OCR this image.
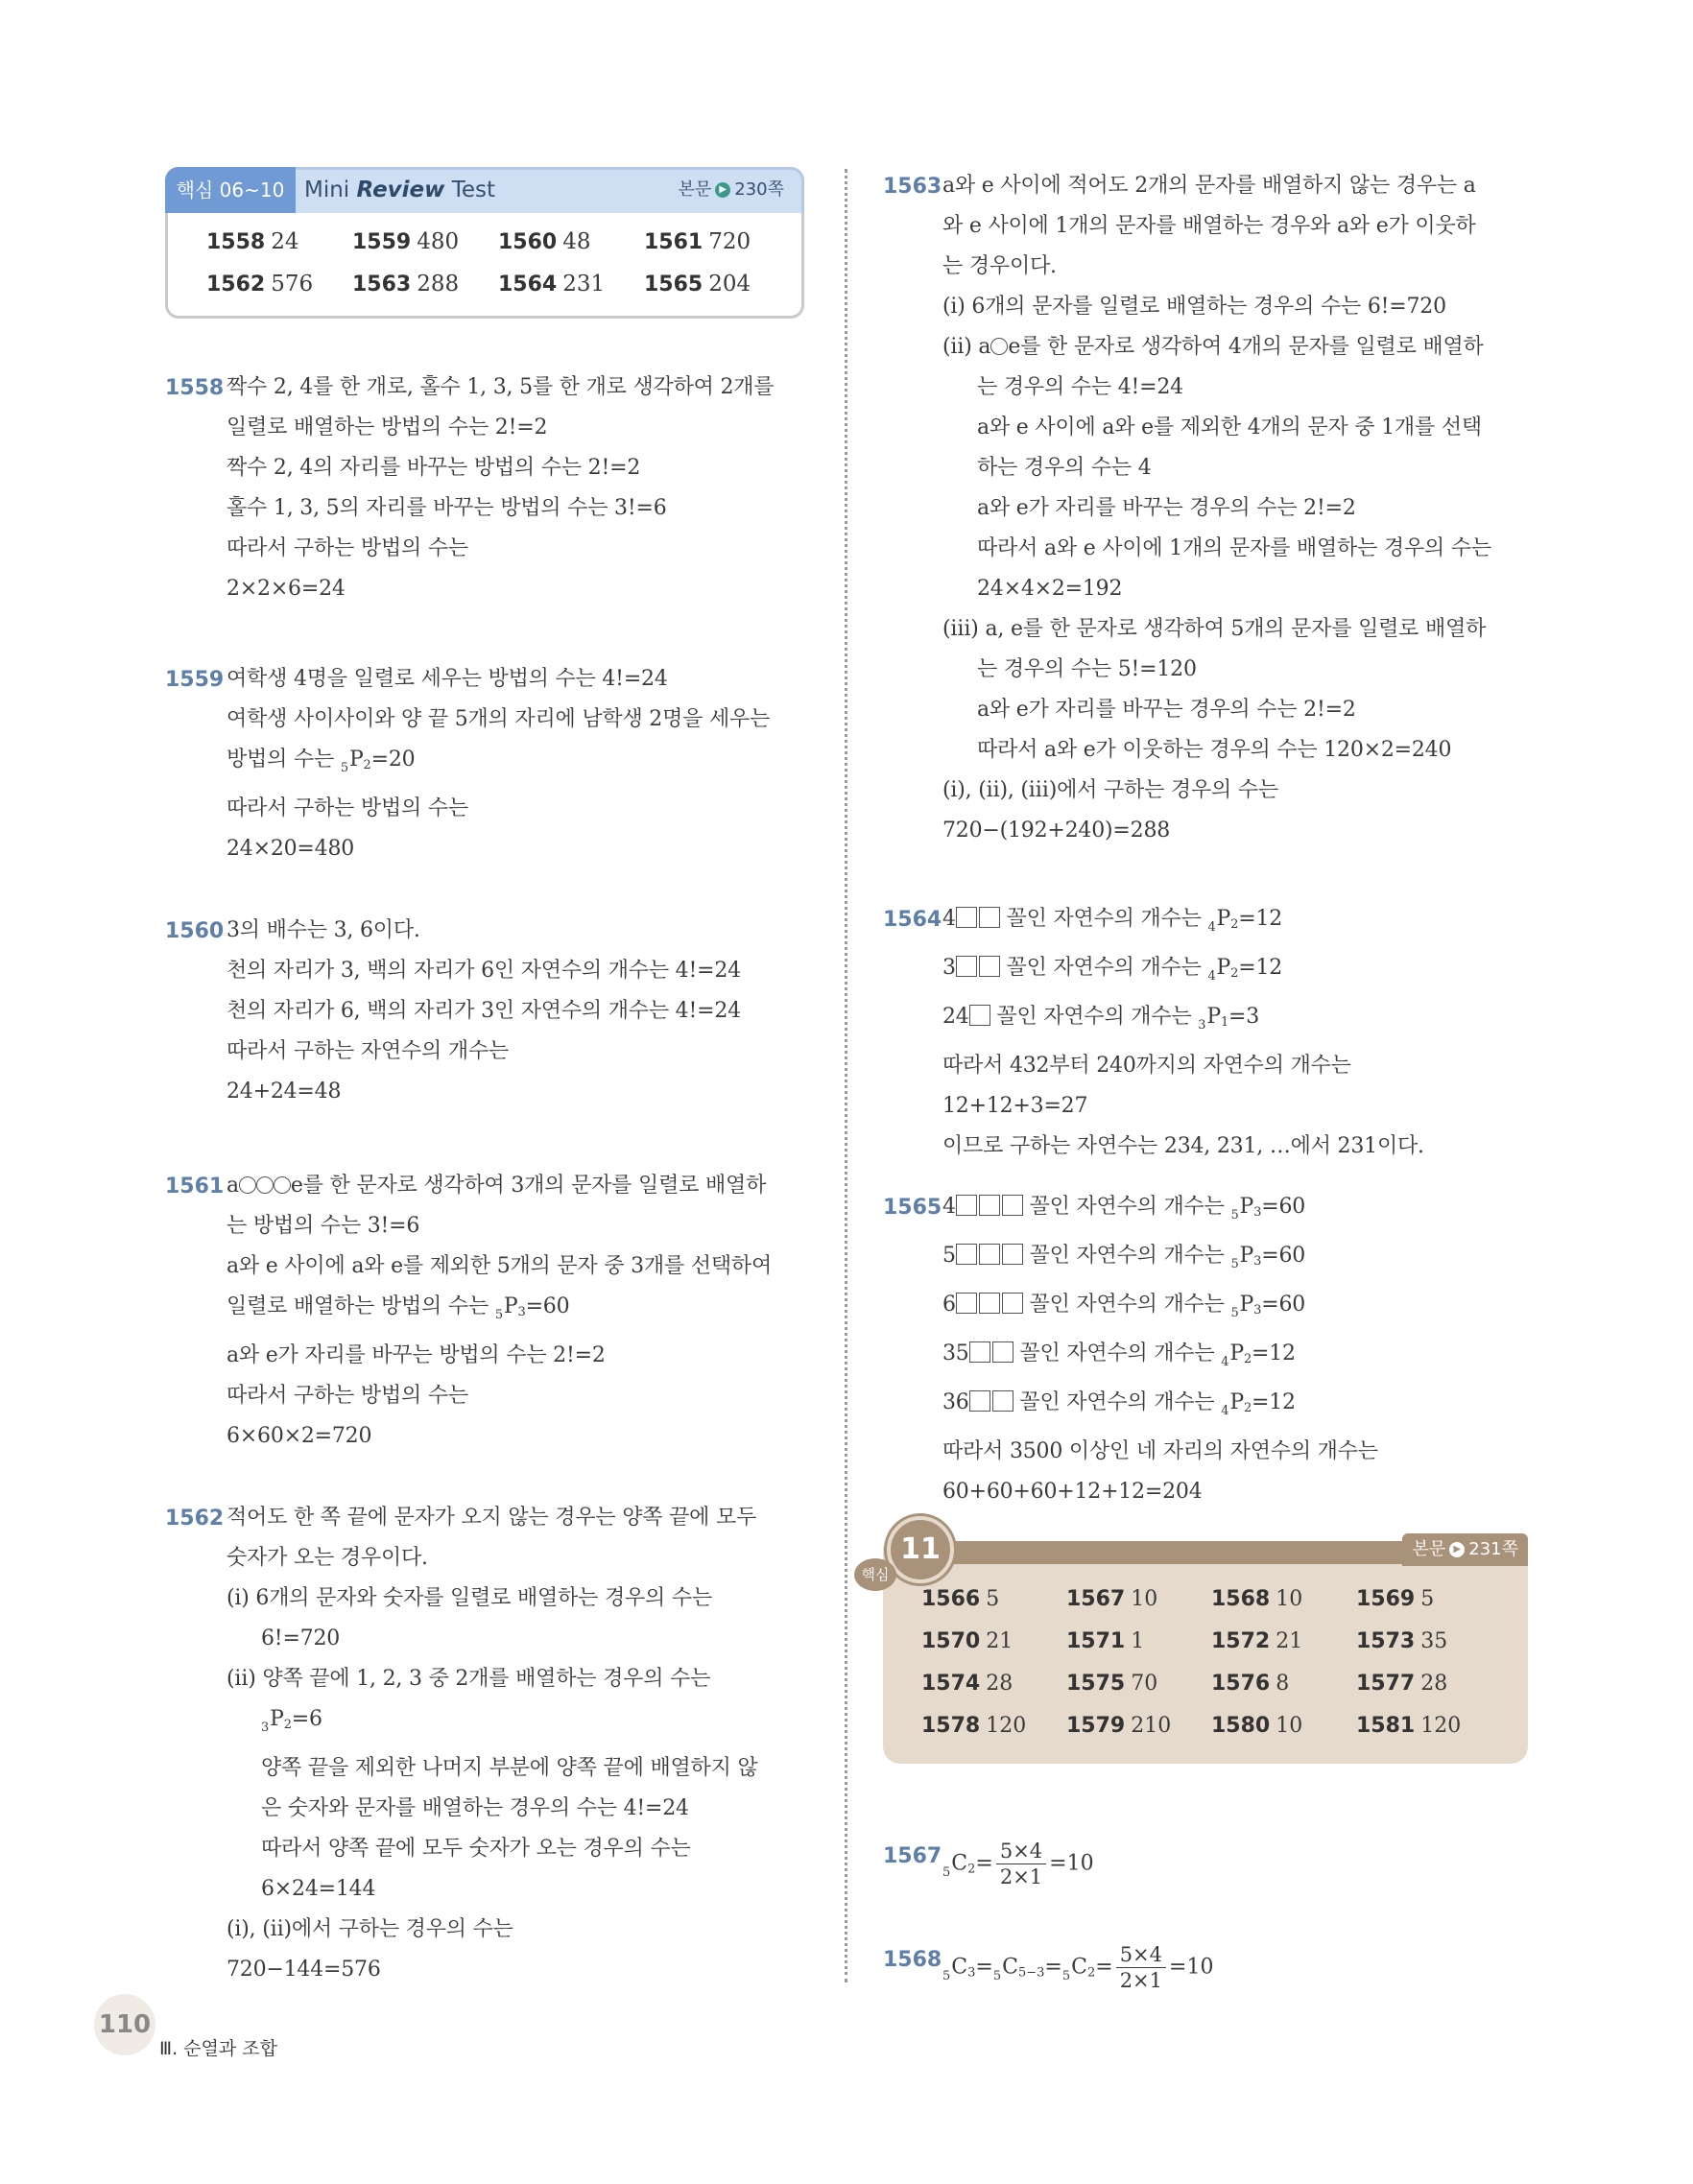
핵심 06~10 Mini Review Test	본문 ▶ 230쪽
1558 24	1559 480	1560 48	1561 720
1562 576	1563 288	1564 231	1565 204
1558 짝수 2, 4를 한 개로, 홀수 1, 3, 5를 한 개로 생각하여 2개를
일렬로 배열하는 방법의 수는 2!=2
짝수 2, 4의 자리를 바꾸는 방법의 수는 2!=2
홀수 1, 3, 5의 자리를 바꾸는 방법의 수는 3!=6
따라서 구하는 방법의 수는
2×2×6=24
1559 여학생 4명을 일렬로 세우는 방법의 수는 4!=24
여학생 사이사이와 양 끝 5개의 자리에 남학생 2명을 세우는
방법의 수는 $_5P_2=20$
따라서 구하는 방법의 수는
24×20=480
1560 3의 배수는 3, 6이다.
천의 자리가 3, 백의 자리가 6인 자연수의 개수는 4!=24
천의 자리가 6, 백의 자리가 3인 자연수의 개수는 4!=24
따라서 구하는 자연수의 개수는
24+24=48
1561 a e를 한 문자로 생각하여 3개의 문자를 일렬로 배열하
는 방법의 수는 3!=6
a와 e 사이에 a와 e를 제외한 5개의 문자 중 3개를 선택하여
일렬로 배열하는 방법의 수는 $_5P_3=60$
a와 e가 자리를 바꾸는 방법의 수는 2!=2
따라서 구하는 방법의 수는
6×60×2=720
1562 적어도 한 쪽 끝에 문자가 오지 않는 경우는 양쪽 끝에 모두
숫자가 오는 경우이다.
(ⅰ) 6개의 문자와 숫자를 일렬로 배열하는 경우의 수는
6!=720
(ⅱ) 양쪽 끝에 1, 2, 3 중 2개를 배열하는 경우의 수는
$_3P_2=6$
양쪽 끝을 제외한 나머지 부분에 양쪽 끝에 배열하지 않
은 숫자와 문자를 배열하는 경우의 수는 4!=24
따라서 양쪽 끝에 모두 숫자가 오는 경우의 수는
6×24=144
(ⅰ), (ⅱ)에서 구하는 경우의 수는
720−144=576
1563 a와 e 사이에 적어도 2개의 문자를 배열하지 않는 경우는 a
와 e 사이에 1개의 문자를 배열하는 경우와 a와 e가 이웃하
는 경우이다.
(ⅰ) 6개의 문자를 일렬로 배열하는 경우의 수는 6!=720
(ⅱ) a e를 한 문자로 생각하여 4개의 문자를 일렬로 배열하
는 경우의 수는 4!=24
a와 e 사이에 a와 e를 제외한 4개의 문자 중 1개를 선택
하는 경우의 수는 4
a와 e가 자리를 바꾸는 경우의 수는 2!=2
따라서 a와 e 사이에 1개의 문자를 배열하는 경우의 수는
24×4×2=192
(ⅲ) a, e를 한 문자로 생각하여 5개의 문자를 일렬로 배열하
는 경우의 수는 5!=120
a와 e가 자리를 바꾸는 경우의 수는 2!=2
따라서 a와 e가 이웃하는 경우의 수는 120×2=240
(ⅰ), (ⅱ), (ⅲ)에서 구하는 경우의 수는
720−(192+240)=288
1564 4 꼴인 자연수의 개수는 $_4P_2=12$
3 꼴인 자연수의 개수는 $_4P_2=12$
24 꼴인 자연수의 개수는 $_3P_1=3$
따라서 432부터 240까지의 자연수의 개수는
12+12+3=27
이므로 구하는 자연수는 234, 231, …에서 231이다.
1565 4	꼴인 자연수의 개수는 $_5P_3=60$
5	꼴인 자연수의 개수는 $_5P_3=60$
6	꼴인 자연수의 개수는 $_5P_3=60$
35 꼴인 자연수의 개수는 $_4P_2=12$
36 꼴인 자연수의 개수는 $_4P_2=12$
따라서 3500 이상인 네 자리의 자연수의 개수는
60+60+60+12+12=204
본문 ▶ 231쪽
11
핵심
1566 5	1567 10	1568 10	1569 5
1570 21	1571 1	1572 21	1573 35
1574 28	1575 70	1576 8	1577 28
1578 120	1579 210	1580 10	1581 120
1567
$_5C_2= \frac{5\times 4}{2\times 1} =10$
1568
$_5C_3=_5C_{5-3}=_5C_2= \frac{5\times 4}{2\times 1} =10$
110
Ⅲ. 순열과 조합
